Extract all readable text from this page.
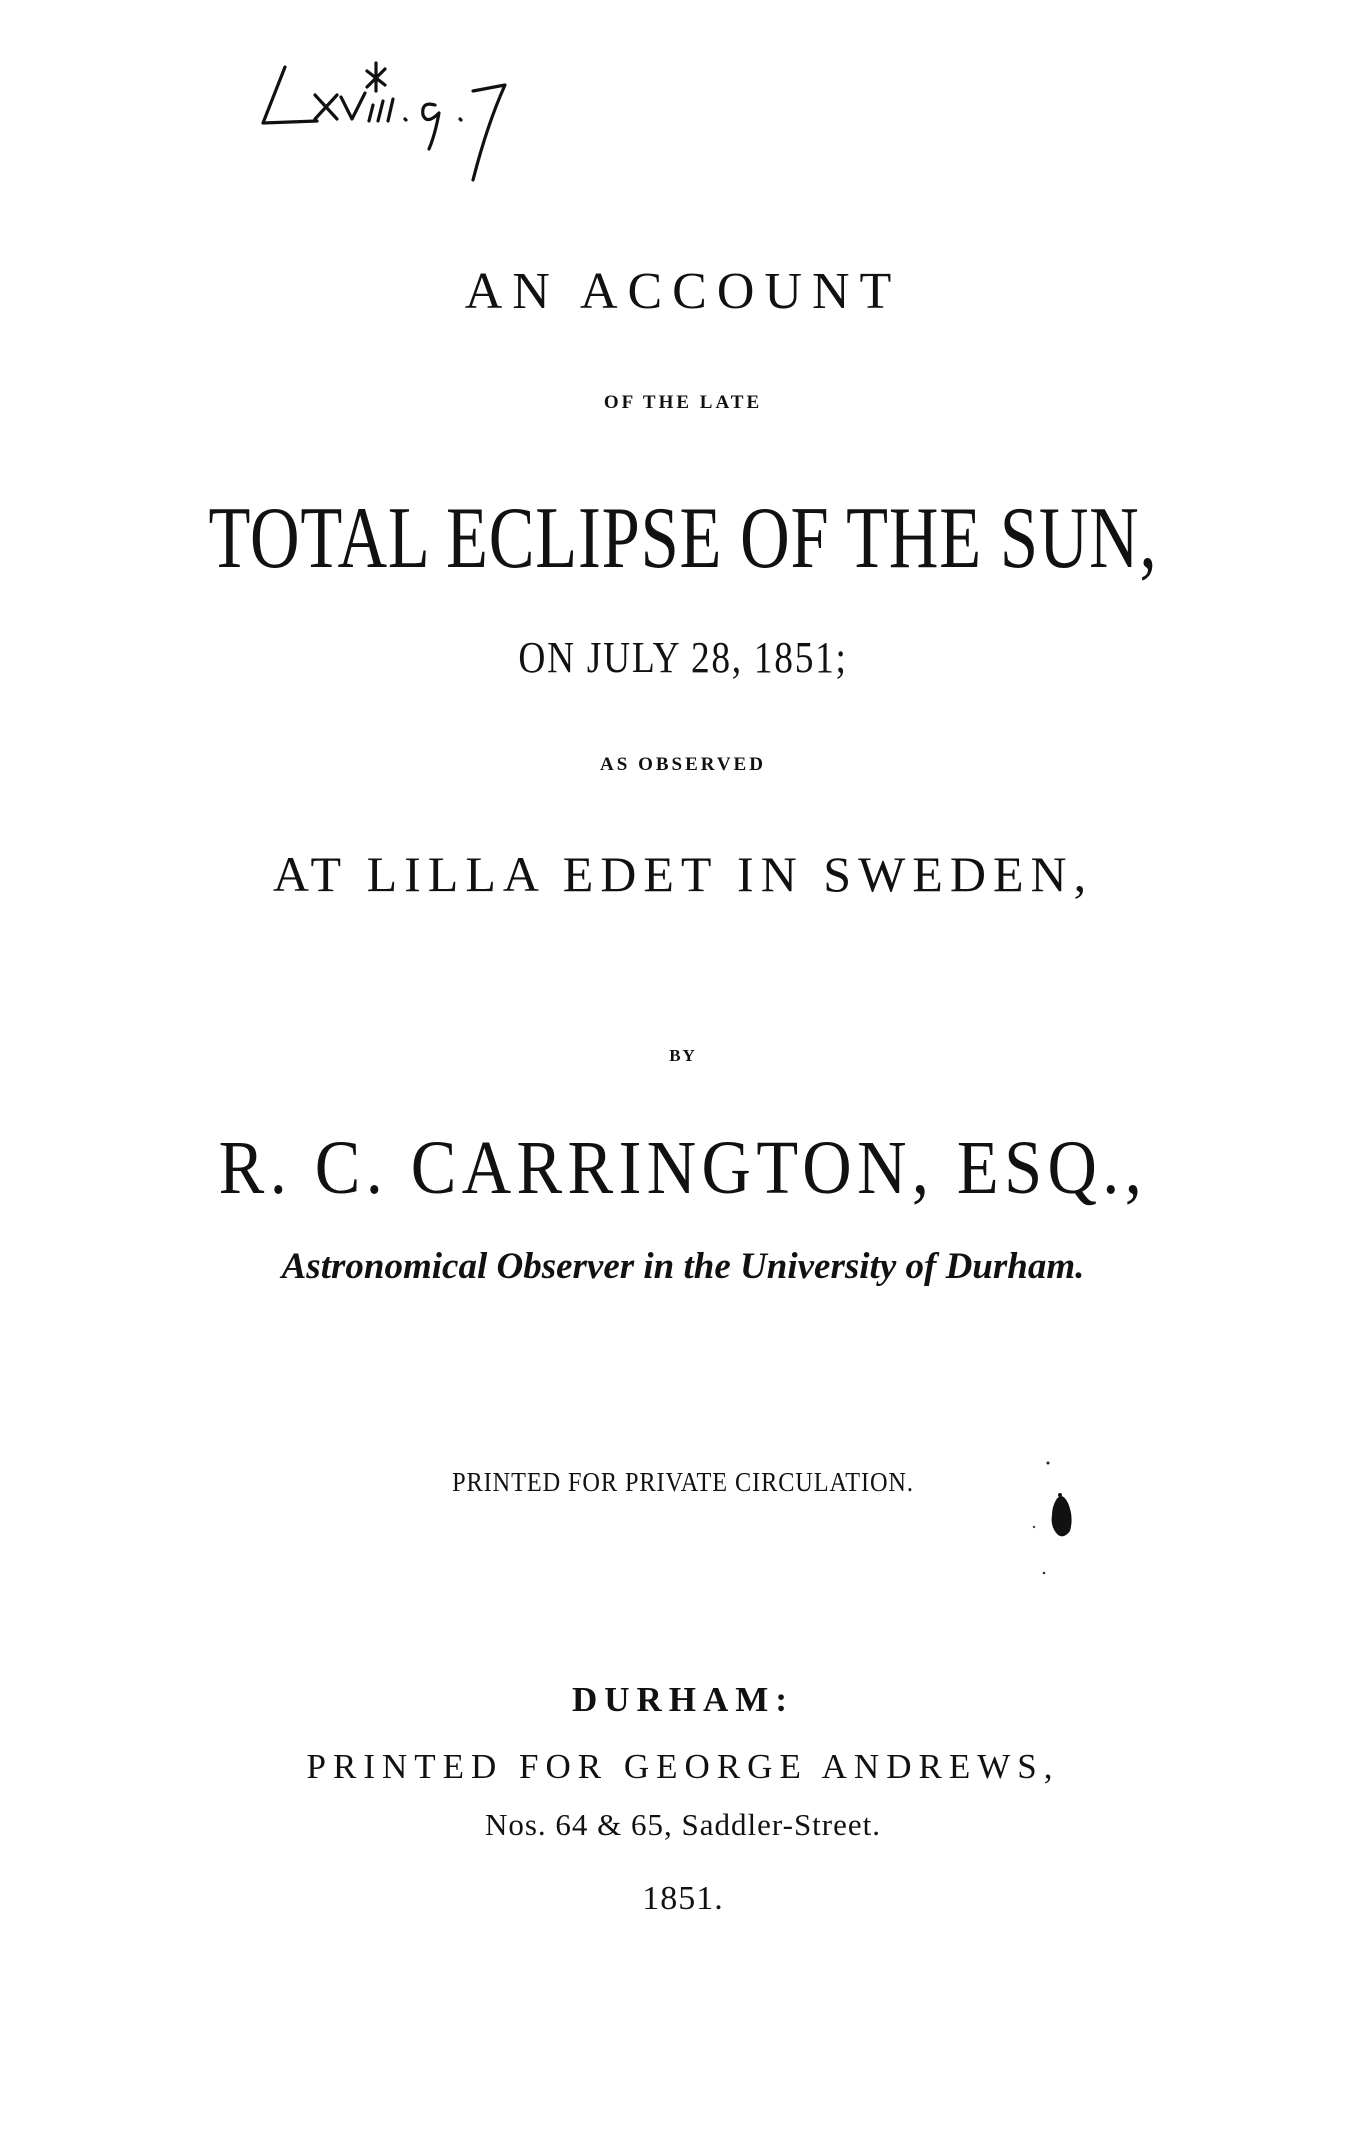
AN ACCOUNT
OF THE LATE
TOTAL ECLIPSE OF THE SUN,
ON JULY 28, 1851;
AS OBSERVED
AT LILLA EDET IN SWEDEN,
BY
R. C. CARRINGTON, ESQ.,
Astronomical Observer in the University of Durham.
PRINTED FOR PRIVATE CIRCULATION.
DURHAM:
PRINTED FOR GEORGE ANDREWS,
Nos. 64 & 65, Saddler-Street.
1851.
